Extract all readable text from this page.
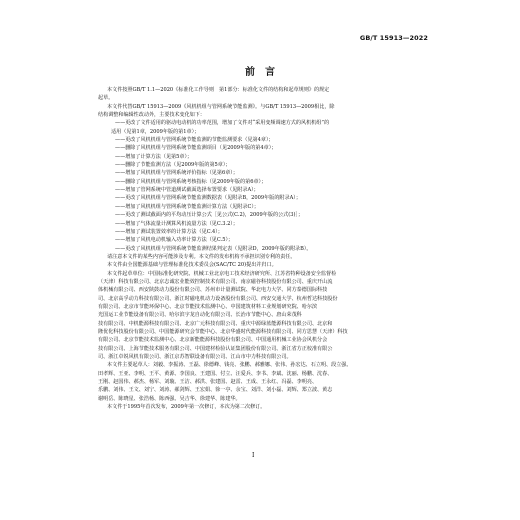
GB/T 15913—2022
前　言
本文件按照GB/T 1.1—2020《标准化工作导则　第1部分：标准化文件的结构和起草规则》的规定
起草。
本文件代替GB/T 15913—2009《风机机组与管网系统节能监测》。与GB/T 15913—2009相比，除
结构调整和编辑性改动外，主要技术变化如下：
——更改了文件适用的驱动电动机的功率范围，增加了文件对“采用变频调速方式的风机机组”的
适用（见第1章，2009年版的第1章）；
——更改了风机机组与管网系统节能监测的节能监测要求（见第4章）；
——删除了风机机组与管网系统节能监测项目（见2009年版的第4章）；
——增加了计算方法（见第5章）；
——删除了节能监测方法（见2009年版的第5章）；
——增加了风机机组与管网系统评价指标（见第6章）；
——删除了风机机组与管网系统考核指标（见2009年版的第6章）；
——增加了管网系统中管道测试截面选择布置要求（见附录A）；
——更改了风机机组与管网系统节能监测数据表（见附录B，2009年版的附录A）；
——增加了风机机组与管网系统节能监测计算方法（见附录C）；
——更改了测试截面内的平均动压计算公式［见公式(C.2)，2009年版的公式(3)］；
——增加了气体流量计测算风机流量方法（见C.3.2）；
——增加了测试装置效率的计算方法（见C.4）；
——增加了风机电动机输入功率计算方法（见C.5）；
——更改了风机机组与管网系统节能监测结果判定表（见附录D，2009年版的附录B）。
请注意本文件的某些内容可能涉及专利。本文件的发布机构不承担识别专利的责任。
本文件由全国能源基础与管理标准化技术委员会(SAC/TC 20)提出并归口。
本文件起草单位：中国标准化研究院、机械工业北京电工技术经济研究所、江苏省特种设备安全监督检
（天津）科技有限公司、北京志诚宏业能效控制技术有限公司、南京磁谷科技股份有限公司、重庆开山流
体机械有限公司、西安陕鼓动力股份有限公司、苏州市计量测试院、华北电力大学、同方泰德国际科技
司、北京高孚动力科技有限公司、浙江时磁电机动力设备股份有限公司、西安交通大学、杭州哲达科技股份
有限公司、北京市节能环保中心、北京节能技术监测中心、中国建筑材料工业规划研究院、哈尔滨
光国运工业节能设备有限公司、哈尔滨宇龙自动化有限公司、长治市节能中心、唐山荣茂科
技有限公司、中机能源科技有限公司、北京广元科技有限公司、重庆中源绿蓝能源科技有限公司、北京和
隆优化科技股份有限公司、中国能源研究会节能中心、北京华盛时代能源科技有限公司、同方思慧（天津）科技
有限公司、北京节能技术监测中心、北京新能能源科技股份有限公司、中国通用机械工业协会风机分会
技有限公司、上海节能技术服务有限公司、中国建材检验认证集团股份有限公司、浙江省方正校准有限公
司、浙江卓锐风机有限公司、浙江京苏智联设备有限公司、江山市中力科技有限公司。
本文件主要起草人：刘毅、李振涛、王磊、徐德峰、钱亮、张鹏、郝雅娜、张伟、孙宏达、石立明、段立强、
田孝辉、王亚、李明、王平、黄源、李国良、王建国、付立、汪爱兵、李书、李斌、沈丽、杨鹏、沈春、
王刚、赵国伟、郝杰、杨军、刘璇、王洁、郝洪、张建国、赵雷、王成、王永红、冯磊、李明亮、
乐鹏、刘伟、王文、刘宁、刘涛、郝剑辉、王宏娟、徐一亭、余宝、刘洋、刘小磊、刘辉、郑立波、黄志
谢明岳、陈晓星、张浩杨、陈西强、吴吉华、徐建华、陈建华。
本文件于1995年首次发布，2009年第一次修订，本次为第二次修订。
I
